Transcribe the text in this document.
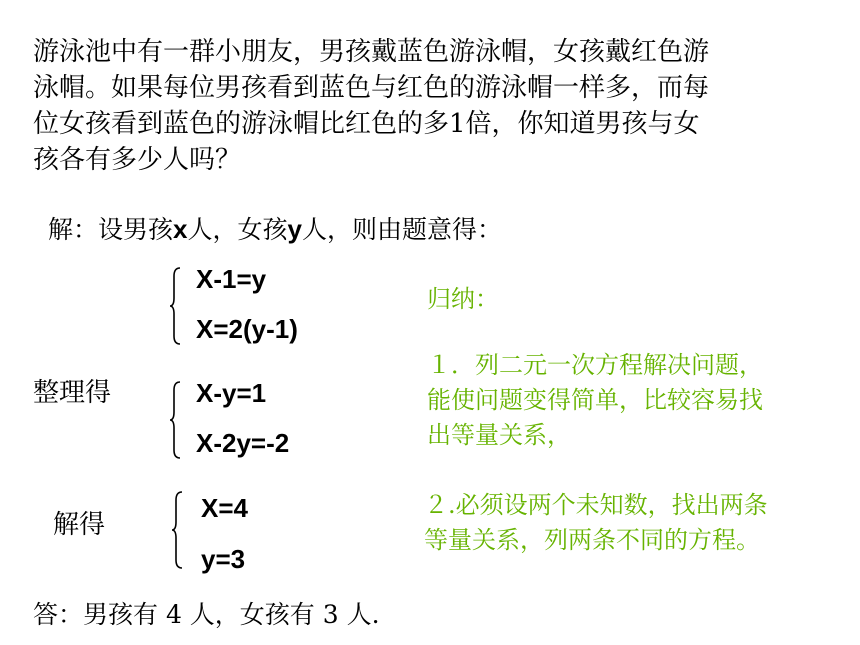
游泳池中有一群小朋友，男孩戴蓝色游泳帽，女孩戴红色游
泳帽。如果每位男孩看到蓝色与红色的游泳帽一样多，而每
位女孩看到蓝色的游泳帽比红色的多1倍，你知道男孩与女
孩各有多少人吗？
解：设男孩x人，女孩y人，则由题意得：
X-1=y
X=2(y-1)
整理得	X-y=1
X-2y=-2
解得
X=4
y=3
答：男孩有 4 人，女孩有 3 人.
归纳：
１．列二元一次方程解决问题，
能使问题变得简单，比较容易找
出等量关系，
２.必须设两个未知数，找出两条
等量关系，列两条不同的方程。
